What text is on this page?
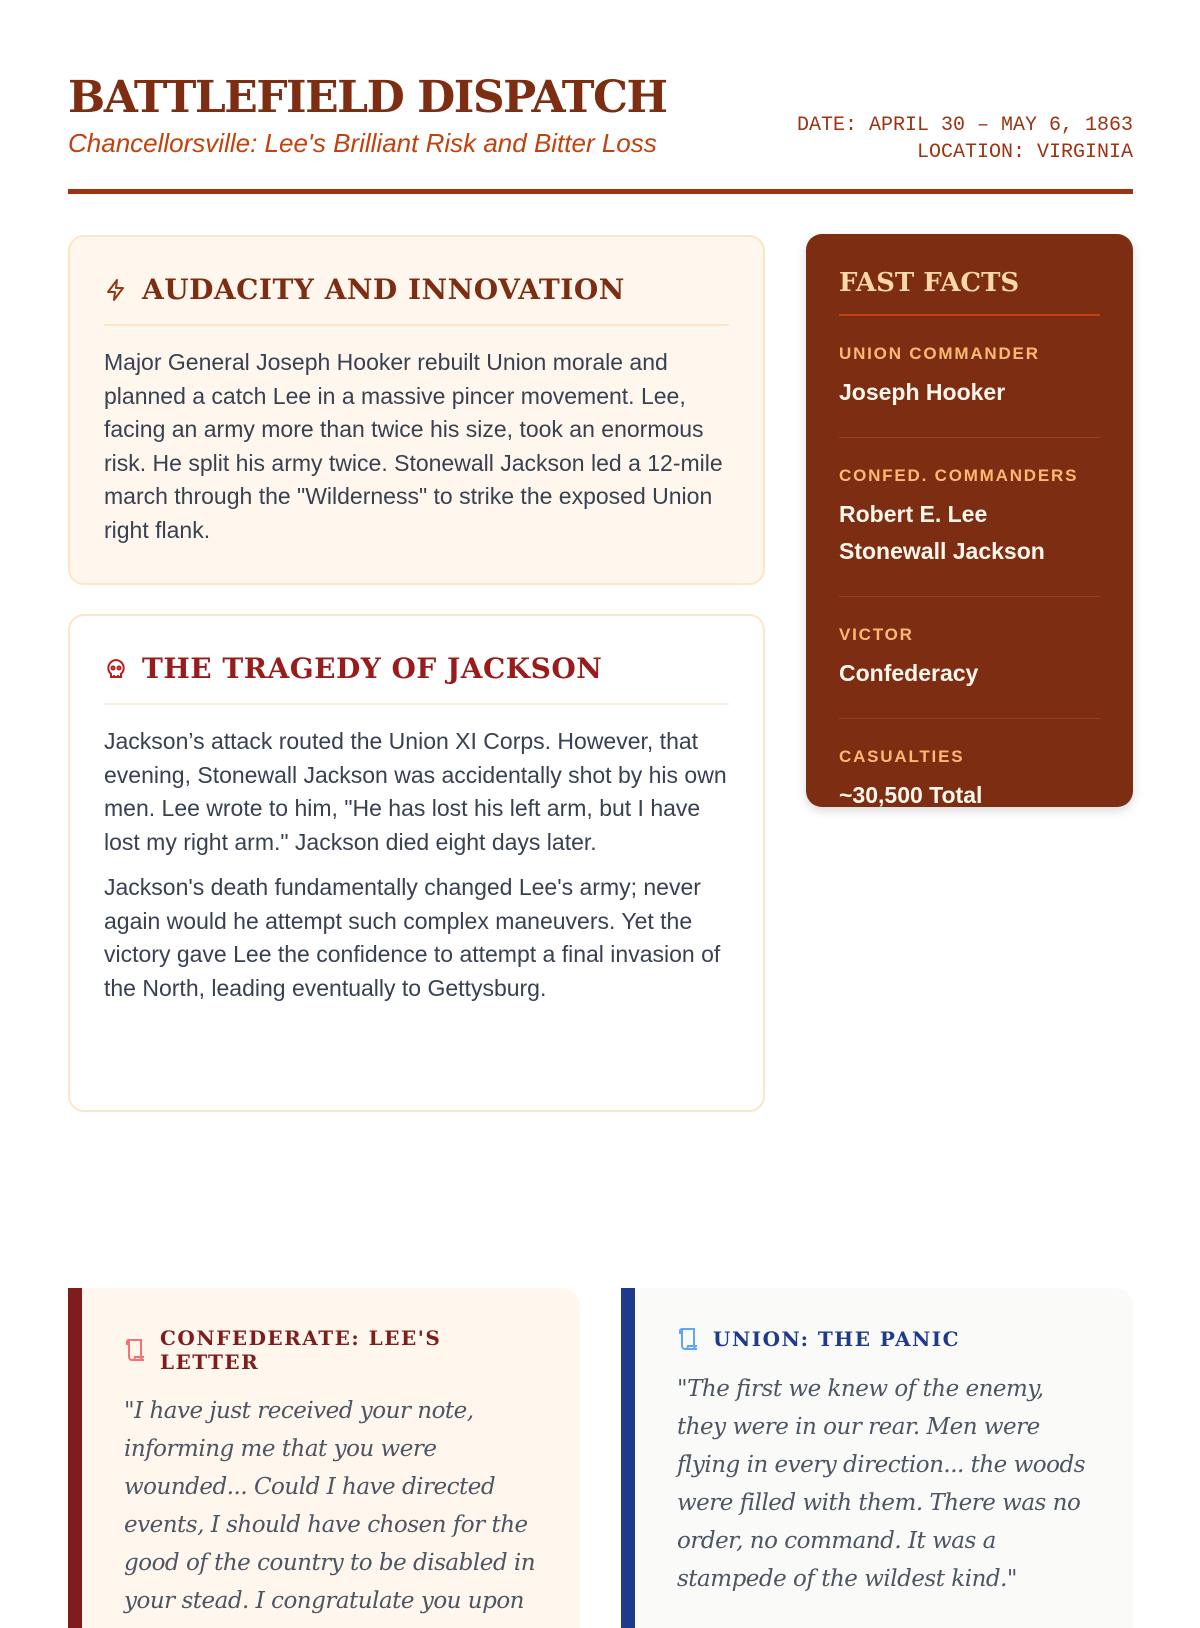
BATTLEFIELD DISPATCH
Chancellorsville: Lee's Brilliant Risk and Bitter Loss
DATE: APRIL 30 – MAY 6, 1863
LOCATION: VIRGINIA
AUDACITY AND INNOVATION

Major General Joseph Hooker rebuilt Union morale and planned a catch Lee in a massive pincer movement. Lee, facing an army more than twice his size, took an enormous risk. He split his army twice. Stonewall Jackson led a 12-mile march through the "Wilderness" to strike the exposed Union right flank.

THE TRAGEDY OF JACKSON

Jackson’s attack routed the Union XI Corps. However, that evening, Stonewall Jackson was accidentally shot by his own men. Lee wrote to him, "He has lost his left arm, but I have lost my right arm." Jackson died eight days later.

Jackson's death fundamentally changed Lee's army; never again would he attempt such complex maneuvers. Yet the victory gave Lee the confidence to attempt a final invasion of the North, leading eventually to Gettysburg.

FAST FACTS
UNION COMMANDER
Joseph Hooker
CONFED. COMMANDERS
Robert E. Lee
Stonewall Jackson
VICTOR
Confederacy
CASUALTIES
~30,500 Total
CONFEDERATE: LEE'S LETTER
"I have just received your note, informing me that you were wounded... Could I have directed events, I should have chosen for the good of the country to be disabled in your stead. I congratulate you upon
UNION: THE PANIC
"The first we knew of the enemy, they were in our rear. Men were flying in every direction... the woods were filled with them. There was no order, no command. It was a stampede of the wildest kind."
